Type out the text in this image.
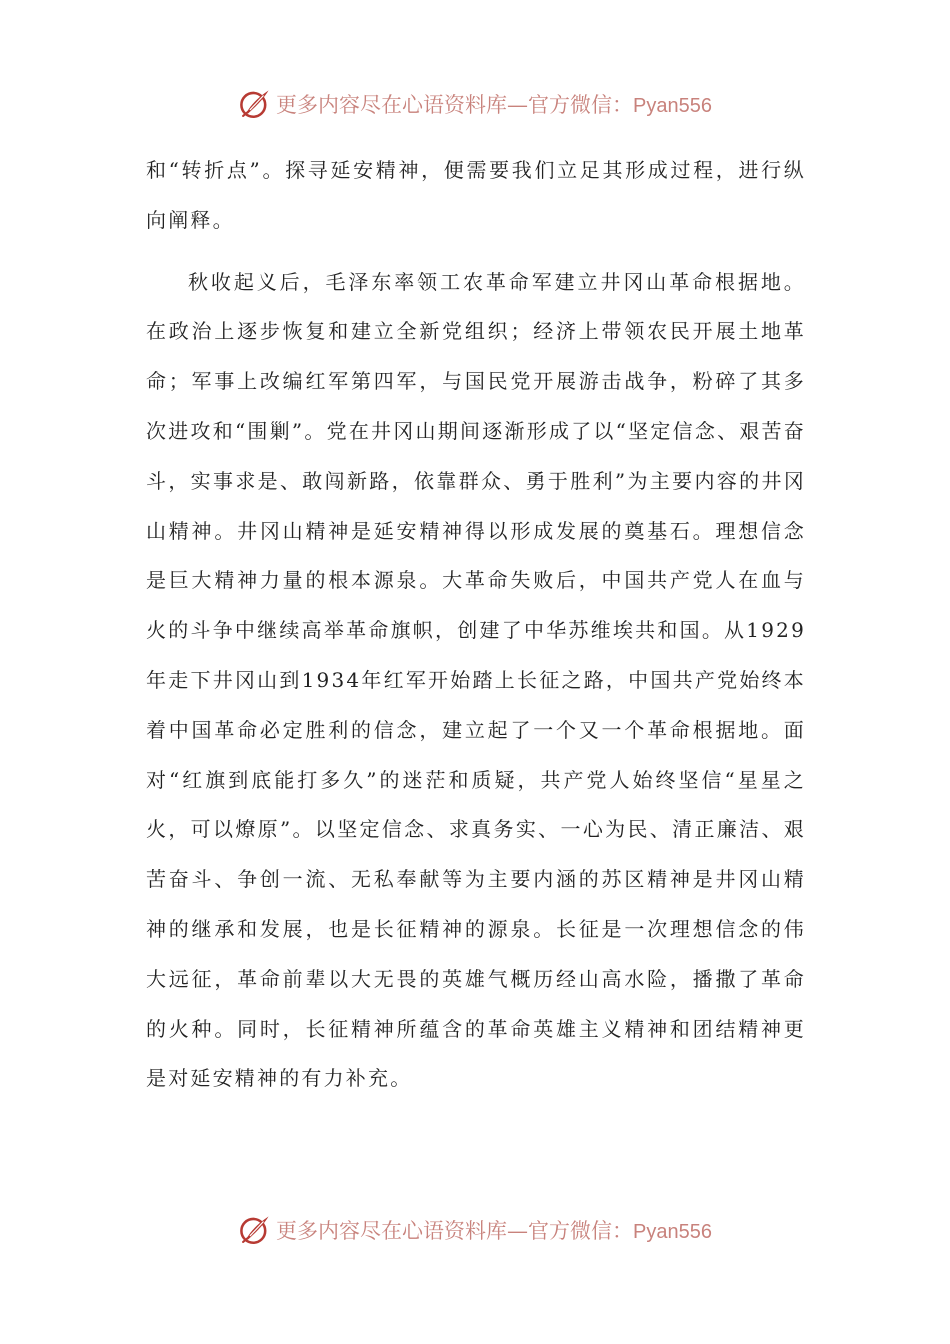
更多内容尽在心语资料库—官方微信：Pyan556

和“转折点”。探寻延安精神，便需要我们立足其形成过程，进行纵向阐释。

秋收起义后，毛泽东率领工农革命军建立井冈山革命根据地。在政治上逐步恢复和建立全新党组织；经济上带领农民开展土地革命；军事上改编红军第四军，与国民党开展游击战争，粉碎了其多次进攻和“围剿”。党在井冈山期间逐渐形成了以“坚定信念、艰苦奋斗，实事求是、敢闯新路，依靠群众、勇于胜利”为主要内容的井冈山精神。井冈山精神是延安精神得以形成发展的奠基石。理想信念是巨大精神力量的根本源泉。大革命失败后，中国共产党人在血与火的斗争中继续高举革命旗帜，创建了中华苏维埃共和国。从1929年走下井冈山到1934年红军开始踏上长征之路，中国共产党始终本着中国革命必定胜利的信念，建立起了一个又一个革命根据地。面对“红旗到底能打多久”的迷茫和质疑，共产党人始终坚信“星星之火，可以燎原”。以坚定信念、求真务实、一心为民、清正廉洁、艰苦奋斗、争创一流、无私奉献等为主要内涵的苏区精神是井冈山精神的继承和发展，也是长征精神的源泉。长征是一次理想信念的伟大远征，革命前辈以大无畏的英雄气概历经山高水险，播撒了革命的火种。同时，长征精神所蕴含的革命英雄主义精神和团结精神更是对延安精神的有力补充。

更多内容尽在心语资料库—官方微信：Pyan556
